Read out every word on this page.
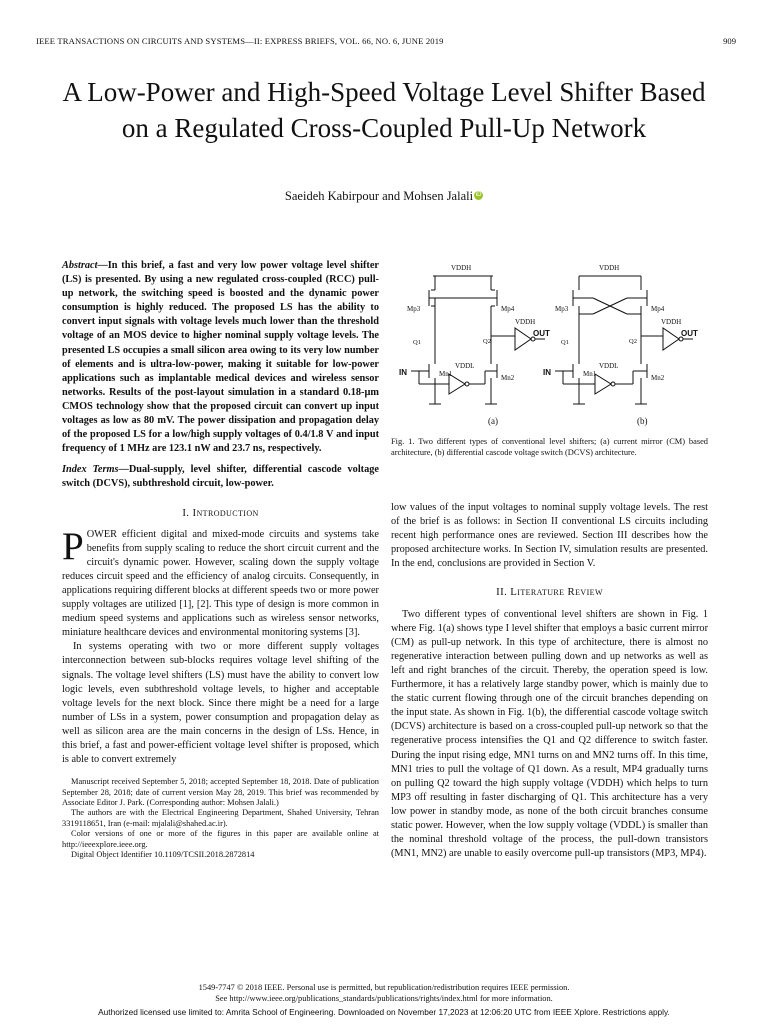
IEEE TRANSACTIONS ON CIRCUITS AND SYSTEMS—II: EXPRESS BRIEFS, VOL. 66, NO. 6, JUNE 2019	909
A Low-Power and High-Speed Voltage Level Shifter Based on a Regulated Cross-Coupled Pull-Up Network
Saeideh Kabirpour and Mohsen Jalali iD
Abstract—In this brief, a fast and very low power voltage level shifter (LS) is presented. By using a new regulated cross-coupled (RCC) pull-up network, the switching speed is boosted and the dynamic power consumption is highly reduced. The proposed LS has the ability to convert input signals with voltage levels much lower than the threshold voltage of an MOS device to higher nominal supply voltage levels. The presented LS occupies a small silicon area owing to its very low number of elements and is ultra-low-power, making it suitable for low-power applications such as implantable medical devices and wireless sensor networks. Results of the post-layout simulation in a standard 0.18-µm CMOS technology show that the proposed circuit can convert up input voltages as low as 80 mV. The power dissipation and propagation delay of the proposed LS for a low/high supply voltages of 0.4/1.8 V and input frequency of 1 MHz are 123.1 nW and 23.7 ns, respectively.
Index Terms—Dual-supply, level shifter, differential cascode voltage switch (DCVS), subthreshold circuit, low-power.
I. Introduction

POWER efficient digital and mixed-mode circuits and systems take benefits from supply scaling to reduce the short circuit current and the circuit's dynamic power. However, scaling down the supply voltage reduces circuit speed and the efficiency of analog circuits. Consequently, in applications requiring different blocks at different speeds two or more power supply voltages are utilized [1], [2]. This type of design is more common in medium speed systems and applications such as wireless sensor networks, miniature healthcare devices and environmental monitoring systems [3].

In systems operating with two or more different supply voltages interconnection between sub-blocks requires voltage level shifting of the signals. The voltage level shifters (LS) must have the ability to convert low logic levels, even subthreshold voltage levels, to higher and acceptable voltage levels for the next block. Since there might be a need for a large number of LSs in a system, power consumption and propagation delay as well as silicon area are the main concerns in the design of LSs. Hence, in this brief, a fast and power-efficient voltage level shifter is proposed, which is able to convert extremely

Manuscript received September 5, 2018; accepted September 18, 2018. Date of publication September 28, 2018; date of current version May 28, 2019. This brief was recommended by Associate Editor J. Park. (Corresponding author: Mohsen Jalali.)

The authors are with the Electrical Engineering Department, Shahed University, Tehran 3319118651, Iran (e-mail: mjalali@shahed.ac.ir).

Color versions of one or more of the figures in this paper are available online at http://ieeexplore.ieee.org.

Digital Object Identifier 10.1109/TCSII.2018.2872814

VDDH
Mp3	Mp4
Q1	Q2
VDDH
OUT
Mn1	Mn2
IN
VDDL
(a)
VDDH
Mp3	Mp4
Q1	Q2
VDDH
OUT
Mn1	Mn2
IN
VDDL
(b)
Fig. 1. Two different types of conventional level shifters; (a) current mirror (CM) based architecture, (b) differential cascode voltage switch (DCVS) architecture.

low values of the input voltages to nominal supply voltage levels. The rest of the brief is as follows: in Section II conventional LS circuits including recent high performance ones are reviewed. Section III describes how the proposed architecture works. In Section IV, simulation results are presented. In the end, conclusions are provided in Section V.

II. Literature Review

Two different types of conventional level shifters are shown in Fig. 1 where Fig. 1(a) shows type I level shifter that employs a basic current mirror (CM) as pull-up network. In this type of architecture, there is almost no regenerative interaction between pulling down and up networks as well as left and right branches of the circuit. Thereby, the operation speed is low. Furthermore, it has a relatively large standby power, which is mainly due to the static current flowing through one of the circuit branches depending on the input state. As shown in Fig. 1(b), the differential cascode voltage switch (DCVS) architecture is based on a cross-coupled pull-up network so that the regenerative process intensifies the Q1 and Q2 difference to switch faster. During the input rising edge, MN1 turns on and MN2 turns off. In this time, MN1 tries to pull the voltage of Q1 down. As a result, MP4 gradually turns on pulling Q2 toward the high supply voltage (VDDH) which helps to turn MP3 off resulting in faster discharging of Q1. This architecture has a very low power in standby mode, as none of the both circuit branches consume static power. However, when the low supply voltage (VDDL) is smaller than the nominal threshold voltage of the process, the pull-down transistors (MN1, MN2) are unable to easily overcome pull-up transistors (MP3, MP4).

1549-7747 © 2018 IEEE. Personal use is permitted, but republication/redistribution requires IEEE permission.
See http://www.ieee.org/publications_standards/publications/rights/index.html for more information.
Authorized licensed use limited to: Amrita School of Engineering. Downloaded on November 17,2023 at 12:06:20 UTC from IEEE Xplore. Restrictions apply.
